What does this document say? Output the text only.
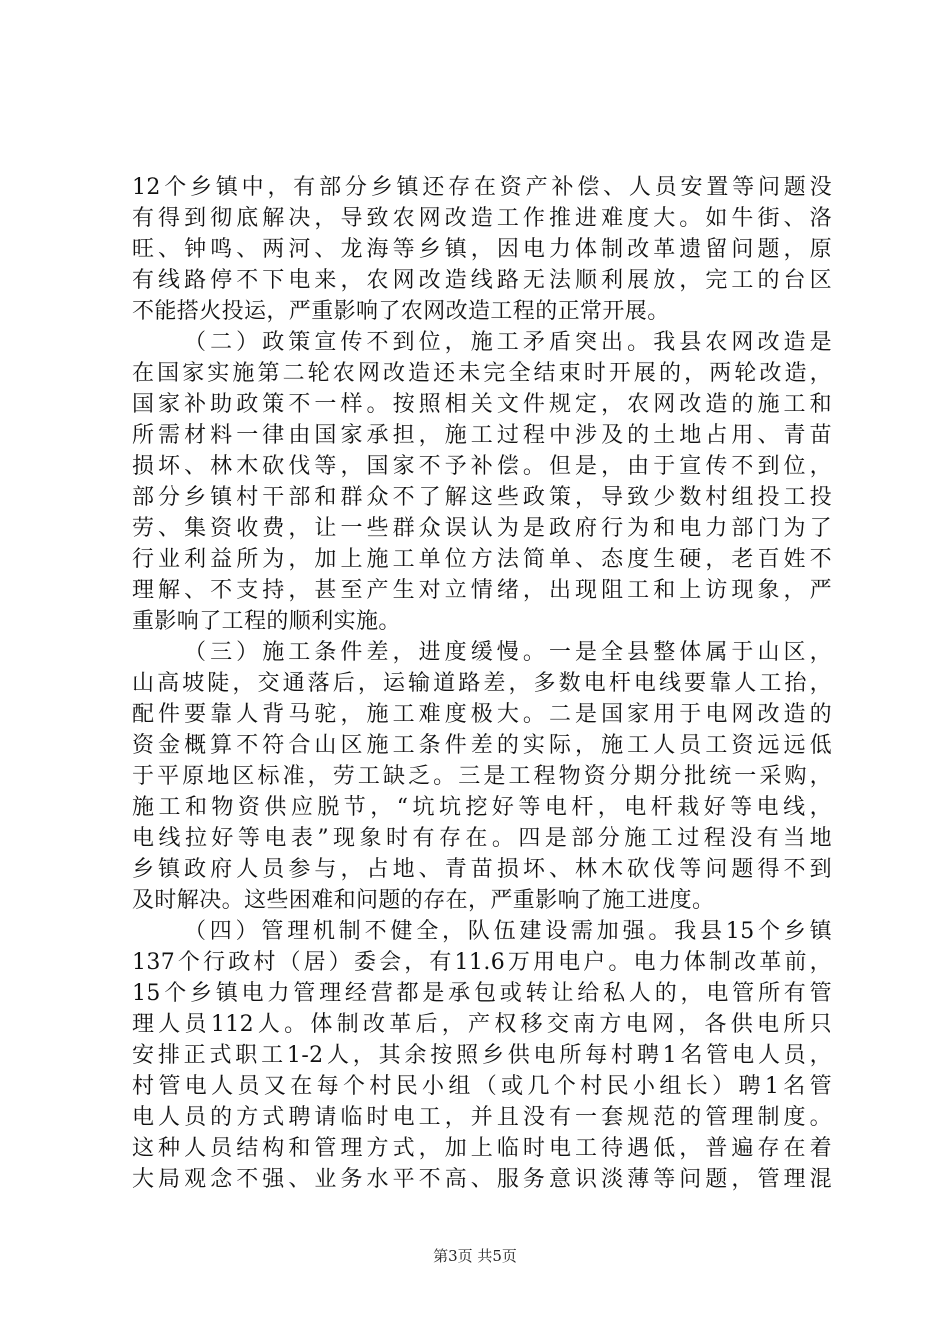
12个乡镇中，有部分乡镇还存在资产补偿、人员安置等问题没
有得到彻底解决，导致农网改造工作推进难度大。如牛街、洛
旺、钟鸣、两河、龙海等乡镇，因电力体制改革遗留问题，原
有线路停不下电来，农网改造线路无法顺利展放，完工的台区
不能搭火投运，严重影响了农网改造工程的正常开展。
（二）政策宣传不到位，施工矛盾突出。我县农网改造是
在国家实施第二轮农网改造还未完全结束时开展的，两轮改造，
国家补助政策不一样。按照相关文件规定，农网改造的施工和
所需材料一律由国家承担，施工过程中涉及的土地占用、青苗
损坏、林木砍伐等，国家不予补偿。但是，由于宣传不到位，
部分乡镇村干部和群众不了解这些政策，导致少数村组投工投
劳、集资收费，让一些群众误认为是政府行为和电力部门为了
行业利益所为，加上施工单位方法简单、态度生硬，老百姓不
理解、不支持，甚至产生对立情绪，出现阻工和上访现象，严
重影响了工程的顺利实施。
（三）施工条件差，进度缓慢。一是全县整体属于山区，
山高坡陡，交通落后，运输道路差，多数电杆电线要靠人工抬，
配件要靠人背马驼，施工难度极大。二是国家用于电网改造的
资金概算不符合山区施工条件差的实际，施工人员工资远远低
于平原地区标准，劳工缺乏。三是工程物资分期分批统一采购，
施工和物资供应脱节，“坑坑挖好等电杆，电杆栽好等电线，
电线拉好等电表”现象时有存在。四是部分施工过程没有当地
乡镇政府人员参与，占地、青苗损坏、林木砍伐等问题得不到
及时解决。这些困难和问题的存在，严重影响了施工进度。
（四）管理机制不健全，队伍建设需加强。我县15个乡镇
137个行政村（居）委会，有11.6万用电户。电力体制改革前，
15个乡镇电力管理经营都是承包或转让给私人的，电管所有管
理人员112人。体制改革后，产权移交南方电网，各供电所只
安排正式职工1-2人，其余按照乡供电所每村聘1名管电人员，
村管电人员又在每个村民小组（或几个村民小组长）聘1名管
电人员的方式聘请临时电工，并且没有一套规范的管理制度。
这种人员结构和管理方式，加上临时电工待遇低，普遍存在着
大局观念不强、业务水平不高、服务意识淡薄等问题，管理混
第3页 共5页
